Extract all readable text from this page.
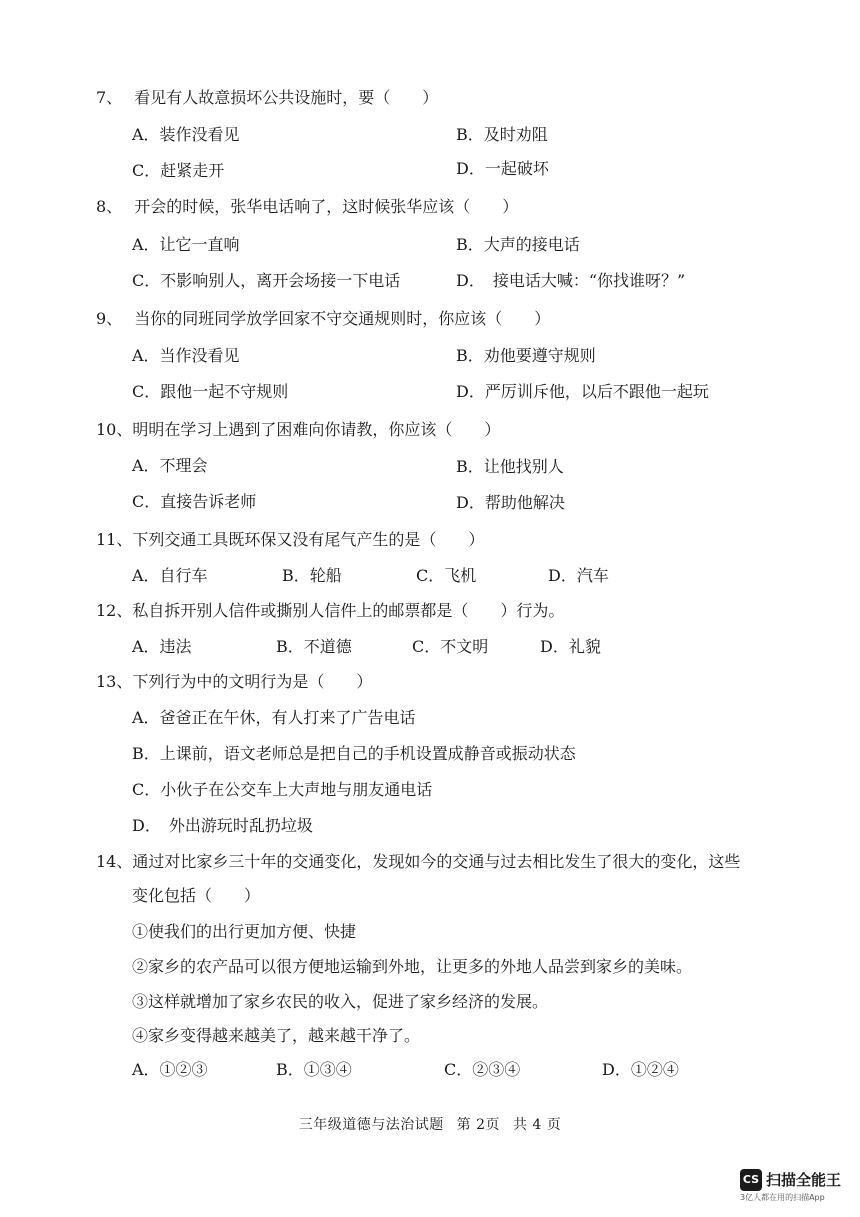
7、 看见有人故意损坏公共设施时，要（　　）
A．装作没看见	B．及时劝阻
C．赶紧走开	D．一起破坏
8、 开会的时候，张华电话响了，这时候张华应该（　　）
A．让它一直响	B．大声的接电话
C．不影响别人，离开会场接一下电话	D．　接电话大喊：“你找谁呀？”
9、 当你的同班同学放学回家不守交通规则时，你应该（　　）
A．当作没看见	B．劝他要遵守规则
C．跟他一起不守规则	D．严厉训斥他，以后不跟他一起玩
10、明明在学习上遇到了困难向你请教，你应该（　　）
A．不理会	B．让他找别人
C．直接告诉老师	D．帮助他解决
11、下列交通工具既环保又没有尾气产生的是（　　）
A．自行车	B．轮船	C．飞机	D．汽车
12、私自拆开别人信件或撕别人信件上的邮票都是（　　）行为。
A．违法	B．不道德	C．不文明	D．礼貌
13、下列行为中的文明行为是（　　）
A．爸爸正在午休，有人打来了广告电话
B．上课前，语文老师总是把自己的手机设置成静音或振动状态
C．小伙子在公交车上大声地与朋友通电话
D．　外出游玩时乱扔垃圾
14、通过对比家乡三十年的交通变化，发现如今的交通与过去相比发生了很大的变化，这些
变化包括（　　）
①使我们的出行更加方便、快捷
②家乡的农产品可以很方便地运输到外地，让更多的外地人品尝到家乡的美味。
③这样就增加了家乡农民的收入，促进了家乡经济的发展。
④家乡变得越来越美了，越来越干净了。
A．①②③	B．①③④	C．②③④	D．①②④
三年级道德与法治试题 第 2页 共 4 页
CS 扫描全能王
3亿人都在用的扫描App
